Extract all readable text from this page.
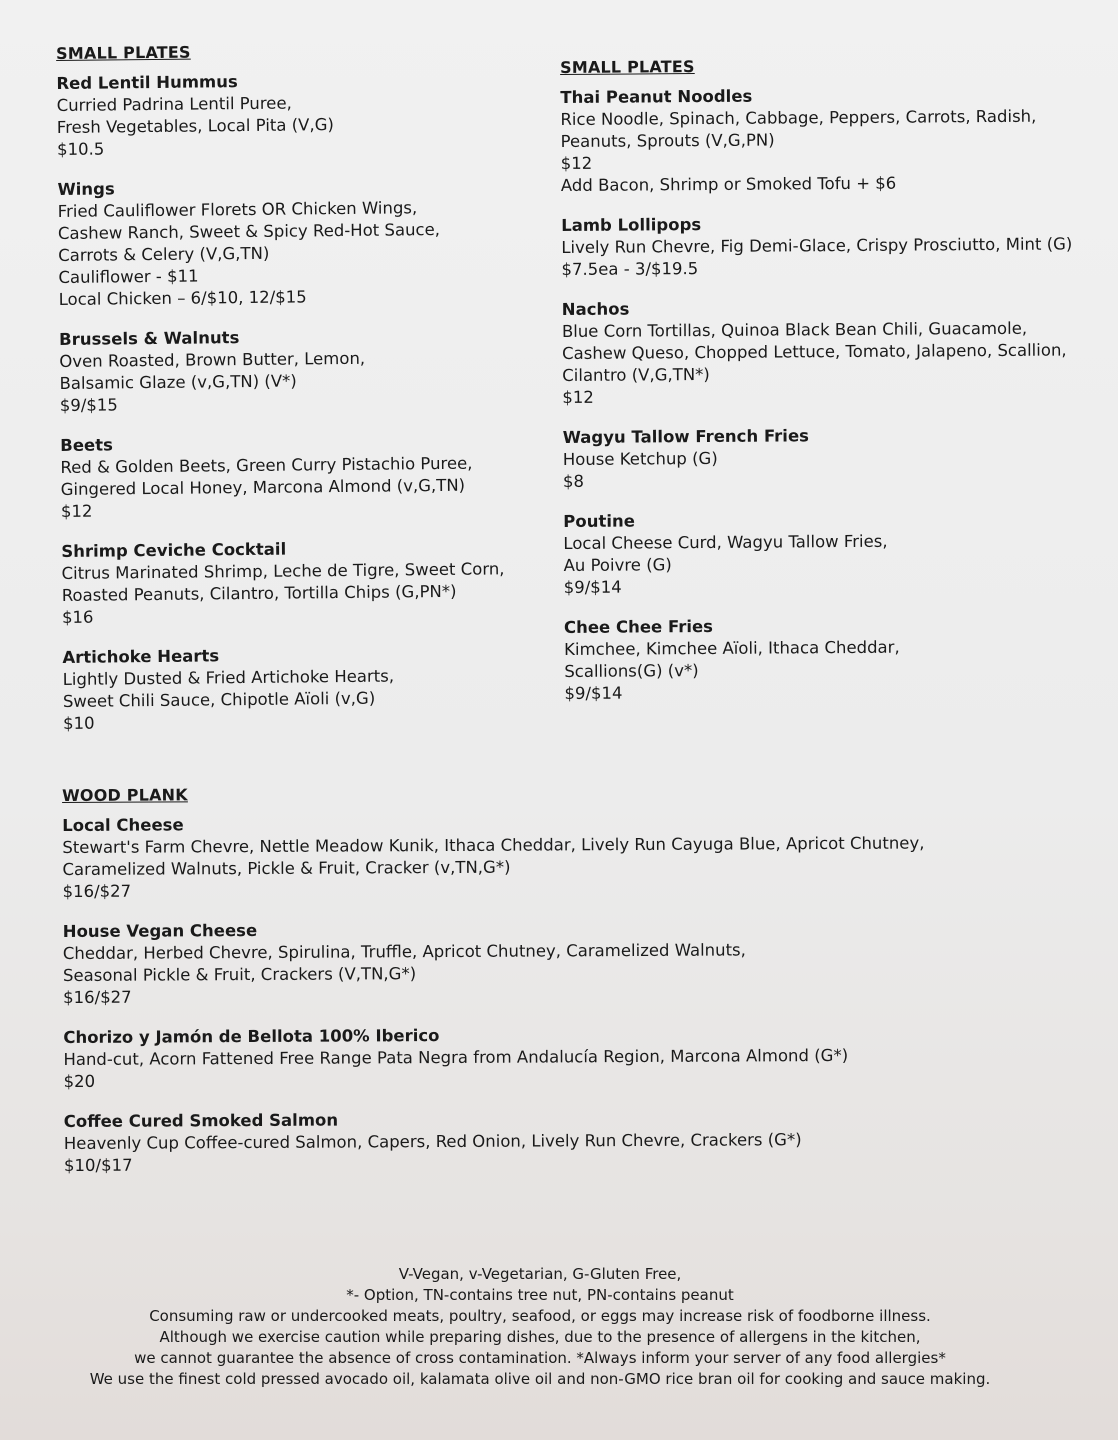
SMALL PLATES
Red Lentil Hummus
Curried Padrina Lentil Puree,
Fresh Vegetables, Local Pita (V,G)
$10.5
Wings
Fried Cauliflower Florets OR Chicken Wings,
Cashew Ranch, Sweet & Spicy Red-Hot Sauce,
Carrots & Celery (V,G,TN)
Cauliflower - $11
Local Chicken – 6/$10, 12/$15
Brussels & Walnuts
Oven Roasted, Brown Butter, Lemon,
Balsamic Glaze (v,G,TN) (V*)
$9/$15
Beets
Red & Golden Beets, Green Curry Pistachio Puree,
Gingered Local Honey, Marcona Almond (v,G,TN)
$12
Shrimp Ceviche Cocktail
Citrus Marinated Shrimp, Leche de Tigre, Sweet Corn,
Roasted Peanuts, Cilantro, Tortilla Chips (G,PN*)
$16
Artichoke Hearts
Lightly Dusted & Fried Artichoke Hearts,
Sweet Chili Sauce, Chipotle Aïoli (v,G)
$10
SMALL PLATES
Thai Peanut Noodles
Rice Noodle, Spinach, Cabbage, Peppers, Carrots, Radish,
Peanuts, Sprouts (V,G,PN)
$12
Add Bacon, Shrimp or Smoked Tofu + $6
Lamb Lollipops
Lively Run Chevre, Fig Demi-Glace, Crispy Prosciutto, Mint (G)
$7.5ea - 3/$19.5
Nachos
Blue Corn Tortillas, Quinoa Black Bean Chili, Guacamole,
Cashew Queso, Chopped Lettuce, Tomato, Jalapeno, Scallion,
Cilantro (V,G,TN*)
$12
Wagyu Tallow French Fries
House Ketchup (G)
$8
Poutine
Local Cheese Curd, Wagyu Tallow Fries,
Au Poivre (G)
$9/$14
Chee Chee Fries
Kimchee, Kimchee Aïoli, Ithaca Cheddar,
Scallions(G) (v*)
$9/$14
WOOD PLANK
Local Cheese
Stewart's Farm Chevre, Nettle Meadow Kunik, Ithaca Cheddar, Lively Run Cayuga Blue, Apricot Chutney,
Caramelized Walnuts, Pickle & Fruit, Cracker (v,TN,G*)
$16/$27
House Vegan Cheese
Cheddar, Herbed Chevre, Spirulina, Truffle, Apricot Chutney, Caramelized Walnuts,
Seasonal Pickle & Fruit, Crackers (V,TN,G*)
$16/$27
Chorizo y Jamón de Bellota 100% Iberico
Hand-cut, Acorn Fattened Free Range Pata Negra from Andalucía Region, Marcona Almond (G*)
$20
Coffee Cured Smoked Salmon
Heavenly Cup Coffee-cured Salmon, Capers, Red Onion, Lively Run Chevre, Crackers (G*)
$10/$17
V-Vegan, v-Vegetarian, G-Gluten Free,
*- Option, TN-contains tree nut, PN-contains peanut
Consuming raw or undercooked meats, poultry, seafood, or eggs may increase risk of foodborne illness.
Although we exercise caution while preparing dishes, due to the presence of allergens in the kitchen,
we cannot guarantee the absence of cross contamination. *Always inform your server of any food allergies*
We use the finest cold pressed avocado oil, kalamata olive oil and non-GMO rice bran oil for cooking and sauce making.
